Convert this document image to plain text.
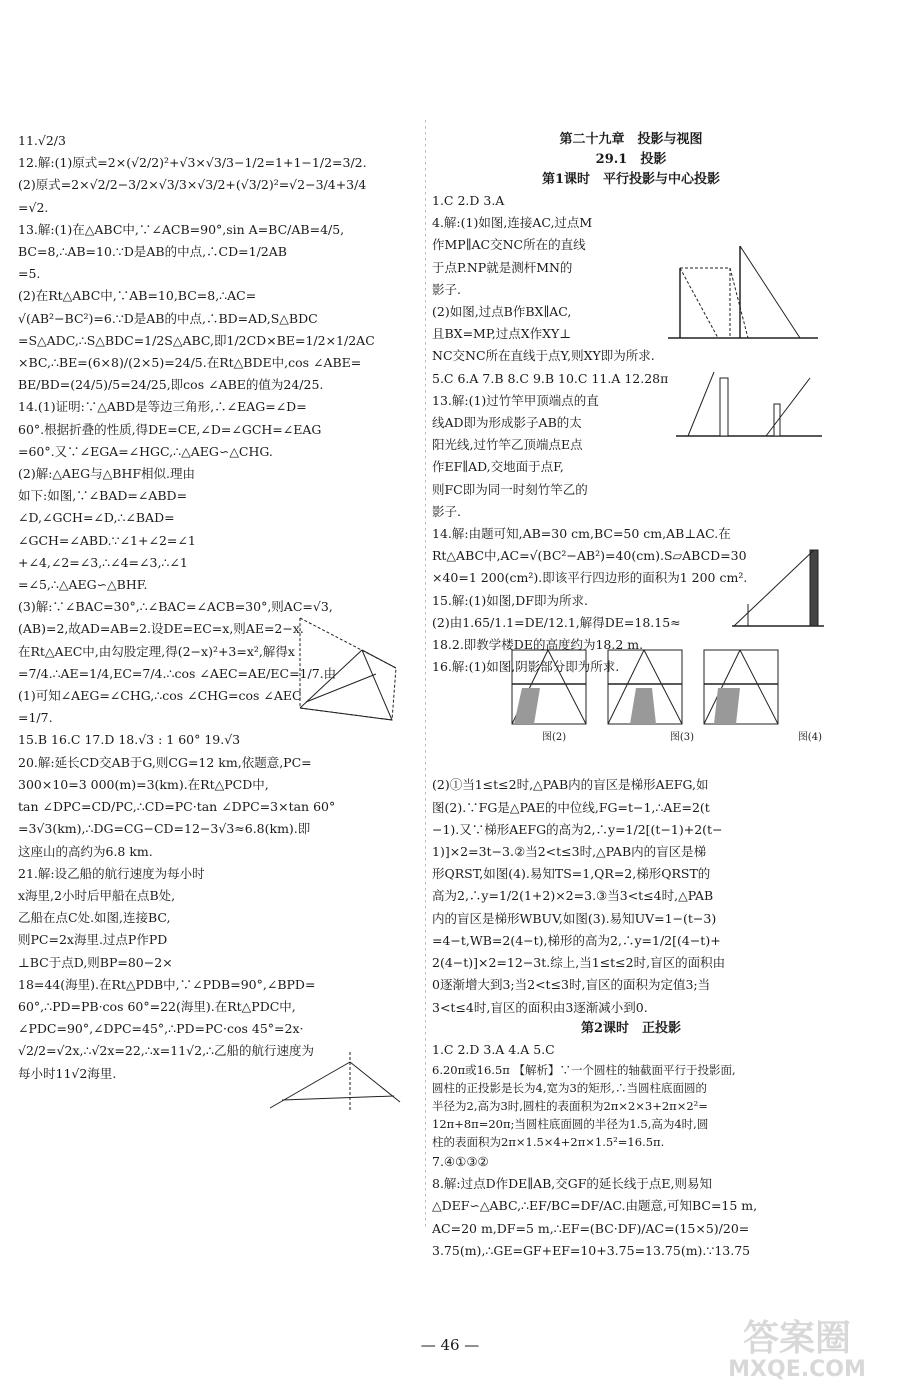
11.√2/3

12.解:(1)原式=2×(√2/2)²+√3×√3/3−1/2=1+1−1/2=3/2.

(2)原式=2×√2/2−3/2×√3/3×√3/2+(√3/2)²=√2−3/4+3/4

=√2.

13.解:(1)在△ABC中,∵∠ACB=90°,sin A=BC/AB=4/5,

BC=8,∴AB=10.∵D是AB的中点,∴CD=1/2AB

=5.

(2)在Rt△ABC中,∵AB=10,BC=8,∴AC=

√(AB²−BC²)=6.∵D是AB的中点,∴BD=AD,S△BDC

=S△ADC,∴S△BDC=1/2S△ABC,即1/2CD×BE=1/2×1/2AC

×BC,∴BE=(6×8)/(2×5)=24/5.在Rt△BDE中,cos ∠ABE=

BE/BD=(24/5)/5=24/25,即cos ∠ABE的值为24/25.

14.(1)证明:∵△ABD是等边三角形,∴∠EAG=∠D=

60°.根据折叠的性质,得DE=CE,∠D=∠GCH=∠EAG

=60°.又∵∠EGA=∠HGC,∴△AEG∽△CHG.

(2)解:△AEG与△BHF相似.理由

如下:如图,∵∠BAD=∠ABD=

∠D,∠GCH=∠D,∴∠BAD=

∠GCH=∠ABD.∵∠1+∠2=∠1

+∠4,∠2=∠3,∴∠4=∠3,∴∠1

=∠5,∴△AEG∽△BHF.

(3)解:∵∠BAC=30°,∴∠BAC=∠ACB=30°,则AC=√3,

(AB)=2,故AD=AB=2.设DE=EC=x,则AE=2−x.

在Rt△AEC中,由勾股定理,得(2−x)²+3=x²,解得x

=7/4.∴AE=1/4,EC=7/4.∴cos ∠AEC=AE/EC=1/7.由

(1)可知∠AEG=∠CHG,∴cos ∠CHG=cos ∠AEC

=1/7.

15.B 16.C 17.D 18.√3 : 1 60° 19.√3

20.解:延长CD交AB于G,则CG=12 km,依题意,PC=

300×10=3 000(m)=3(km).在Rt△PCD中,

tan ∠DPC=CD/PC,∴CD=PC·tan ∠DPC=3×tan 60°

=3√3(km),∴DG=CG−CD=12−3√3≈6.8(km).即

这座山的高约为6.8 km.

21.解:设乙船的航行速度为每小时

x海里,2小时后甲船在点B处,

乙船在点C处.如图,连接BC,

则PC=2x海里.过点P作PD

⊥BC于点D,则BP=80−2×

18=44(海里).在Rt△PDB中,∵∠PDB=90°,∠BPD=

60°,∴PD=PB·cos 60°=22(海里).在Rt△PDC中,

∠PDC=90°,∠DPC=45°,∴PD=PC·cos 45°=2x·

√2/2=√2x,∴√2x=22,∴x=11√2,∴乙船的航行速度为

每小时11√2海里.

第二十九章　投影与视图

29.1　投影

第1课时　平行投影与中心投影

1.C 2.D 3.A

4.解:(1)如图,连接AC,过点M

作MP∥AC交NC所在的直线

于点P.NP就是测杆MN的

影子.

(2)如图,过点B作BX∥AC,

且BX=MP,过点X作XY⊥

NC交NC所在直线于点Y,则XY即为所求.

5.C 6.A 7.B 8.C 9.B 10.C 11.A 12.28π

13.解:(1)过竹竿甲顶端点的直

线AD即为形成影子AB的太

阳光线,过竹竿乙顶端点E点

作EF∥AD,交地面于点F,

则FC即为同一时刻竹竿乙的

影子.

14.解:由题可知,AB=30 cm,BC=50 cm,AB⊥AC.在

Rt△ABC中,AC=√(BC²−AB²)=40(cm).S▱ABCD=30

×40=1 200(cm²).即该平行四边形的面积为1 200 cm².

15.解:(1)如图,DF即为所求.

(2)由1.65/1.1=DE/12.1,解得DE=18.15≈

18.2.即教学楼DE的高度约为18.2 m.

16.解:(1)如图,阴影部分即为所求.

(2)①当1≤t≤2时,△PAB内的盲区是梯形AEFG,如

图(2).∵FG是△PAE的中位线,FG=t−1,∴AE=2(t

−1).又∵梯形AEFG的高为2,∴y=1/2[(t−1)+2(t−

1)]×2=3t−3.②当2<t≤3时,△PAB内的盲区是梯

形QRST,如图(4).易知TS=1,QR=2,梯形QRST的

高为2,∴y=1/2(1+2)×2=3.③当3<t≤4时,△PAB

内的盲区是梯形WBUV,如图(3).易知UV=1−(t−3)

=4−t,WB=2(4−t),梯形的高为2,∴y=1/2[(4−t)+

2(4−t)]×2=12−3t.综上,当1≤t≤2时,盲区的面积由

0逐渐增大到3;当2<t≤3时,盲区的面积为定值3;当

3<t≤4时,盲区的面积由3逐渐减小到0.

第2课时　正投影

1.C 2.D 3.A 4.A 5.C

6.20π或16.5π 【解析】∵一个圆柱的轴截面平行于投影面,

圆柱的正投影是长为4,宽为3的矩形,∴当圆柱底面圆的

半径为2,高为3时,圆柱的表面积为2π×2×3+2π×2²=

12π+8π=20π;当圆柱底面圆的半径为1.5,高为4时,圆

柱的表面积为2π×1.5×4+2π×1.5²=16.5π.

7.④①③②

8.解:过点D作DE∥AB,交GF的延长线于点E,则易知

△DEF∽△ABC,∴EF/BC=DF/AC.由题意,可知BC=15 m,

AC=20 m,DF=5 m,∴EF=(BC·DF)/AC=(15×5)/20=

3.75(m),∴GE=GF+EF=10+3.75=13.75(m).∵13.75

图(2)	图(3)	图(4)
— 46 —	答案圈
MXQE.COM
